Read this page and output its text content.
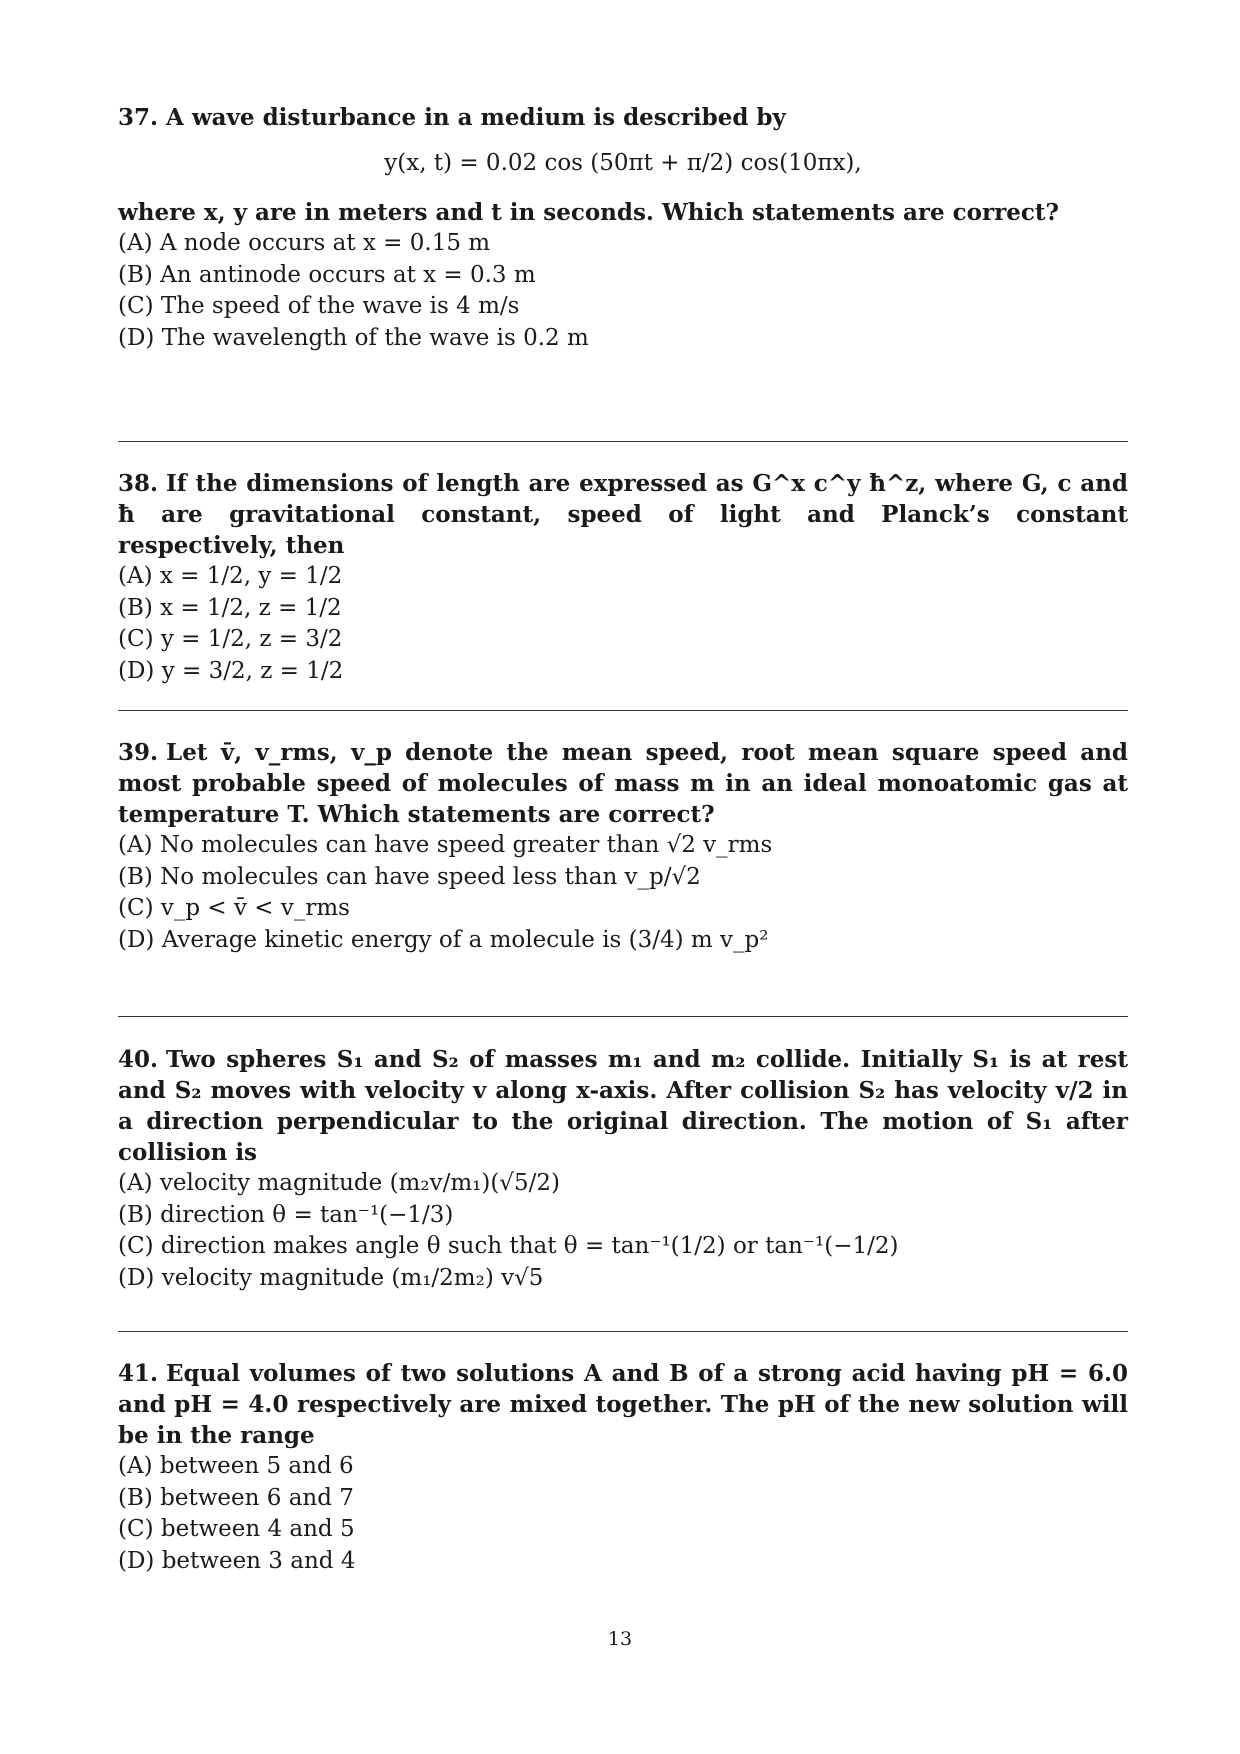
37. A wave disturbance in a medium is described by

y(x, t) = 0.02 cos (50πt + π/2) cos(10πx),

where x, y are in meters and t in seconds. Which statements are correct?

(A) A node occurs at x = 0.15 m

(B) An antinode occurs at x = 0.3 m

(C) The speed of the wave is 4 m/s

(D) The wavelength of the wave is 0.2 m

38. If the dimensions of length are expressed as G^x c^y ħ^z, where G, c and ħ are gravitational constant, speed of light and Planck’s constant respectively, then

(A) x = 1/2, y = 1/2

(B) x = 1/2, z = 1/2

(C) y = 1/2, z = 3/2

(D) y = 3/2, z = 1/2

39. Let v̄, v_rms, v_p denote the mean speed, root mean square speed and most probable speed of molecules of mass m in an ideal monoatomic gas at temperature T. Which statements are correct?

(A) No molecules can have speed greater than √2 v_rms

(B) No molecules can have speed less than v_p/√2

(C) v_p < v̄ < v_rms

(D) Average kinetic energy of a molecule is (3/4) m v_p²

40. Two spheres S₁ and S₂ of masses m₁ and m₂ collide. Initially S₁ is at rest and S₂ moves with velocity v along x-axis. After collision S₂ has velocity v/2 in a direction perpendicular to the original direction. The motion of S₁ after collision is

(A) velocity magnitude (m₂v/m₁)(√5/2)

(B) direction θ = tan⁻¹(−1/3)

(C) direction makes angle θ such that θ = tan⁻¹(1/2) or tan⁻¹(−1/2)

(D) velocity magnitude (m₁/2m₂) v√5

41. Equal volumes of two solutions A and B of a strong acid having pH = 6.0 and pH = 4.0 respectively are mixed together. The pH of the new solution will be in the range

(A) between 5 and 6

(B) between 6 and 7

(C) between 4 and 5

(D) between 3 and 4

13
